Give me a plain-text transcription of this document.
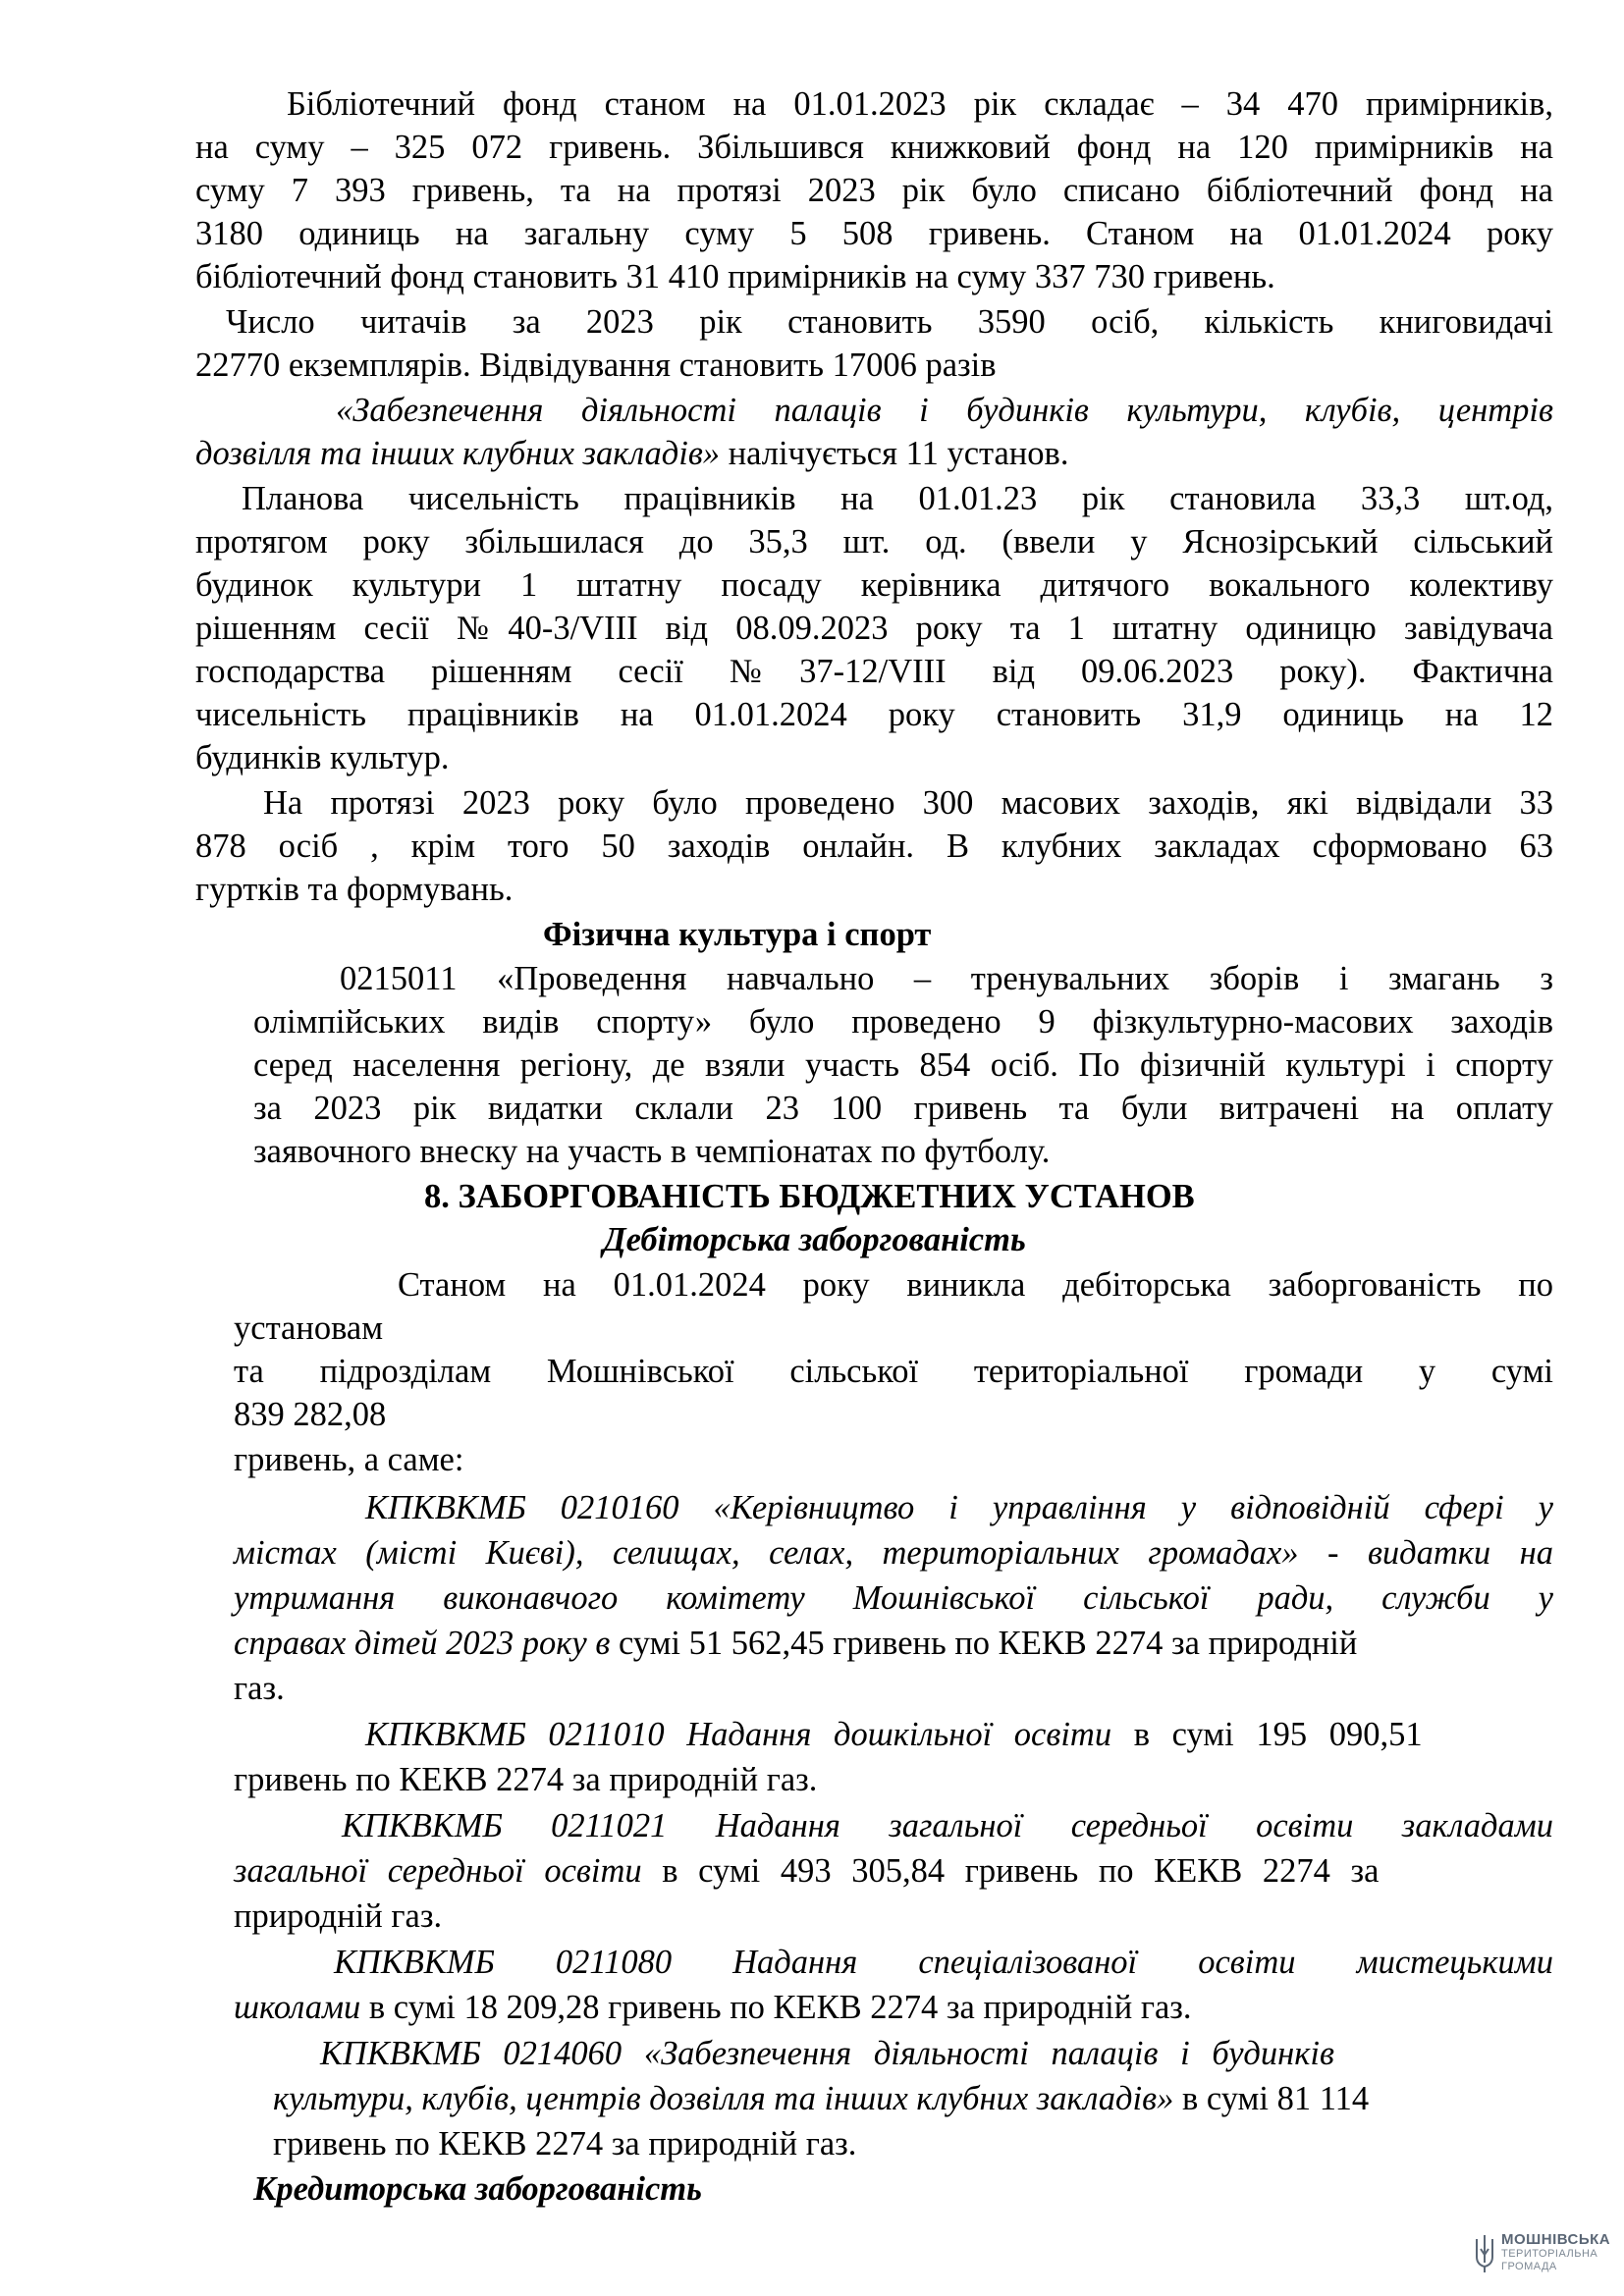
Бібліотечний фонд станом на 01.01.2023 рік складає – 34 470 примірників,
на суму – 325 072 гривень. Збільшився книжковий фонд на 120 примірників на
суму 7 393 гривень, та на протязі 2023 рік було списано бібліотечний фонд на
3180 одиниць на загальну суму 5 508 гривень. Станом на 01.01.2024 року
бібліотечний фонд становить 31 410 примірників на суму 337 730 гривень.
Число читачів за 2023 рік становить 3590 осіб, кількість книговидачі
22770 екземплярів. Відвідування становить 17006 разів
«Забезпечення діяльності палаців і будинків культури, клубів, центрів
дозвілля та інших клубних закладів» налічується 11 установ.
Планова чисельність працівників на 01.01.23 рік становила 33,3 шт.од,
протягом року збільшилася до 35,3 шт. од. (ввели у Яснозірський сільський
будинок культури 1 штатну посаду керівника дитячого вокального колективу
рішенням сесії №40-3/VIII від 08.09.2023 року та 1 штатну одиницю завідувача
господарства рішенням сесії №37-12/VIII від 09.06.2023 року). Фактична
чисельність працівників на 01.01.2024 року становить 31,9 одиниць на 12
будинків культур.
На протязі 2023 року було проведено 300 масових заходів, які відвідали 33
878 осіб , крім того 50 заходів онлайн. В клубних закладах сформовано 63
гуртків та формувань.
Фізична культура і спорт
0215011 «Проведення навчально – тренувальних зборів і змагань з
олімпійських видів спорту» було проведено 9 фізкультурно-масових заходів
серед населення регіону, де взяли участь 854 осіб. По фізичній культурі і спорту
за 2023 рік видатки склали 23 100 гривень та були витрачені на оплату
заявочного внеску на участь в чемпіонатах по футболу.
8. ЗАБОРГОВАНІСТЬ БЮДЖЕТНИХ УСТАНОВ
Дебіторська заборгованість
Станом на 01.01.2024 року виникла дебіторська заборгованість по
установам
та підрозділам Мошнівської сільської територіальної громади у сумі
839 282,08
гривень, а саме:
КПКВКМБ 0210160 «Керівництво і управління у відповідній сфері у
містах (місті Києві), селищах, селах, територіальних громадах» - видатки на
утримання виконавчого комітету Мошнівської сільської ради, служби у
справах дітей 2023 року в сумі 51 562,45 гривень по КЕКВ 2274 за природній
газ.
КПКВКМБ 0211010 Надання дошкільної освіти в сумі 195 090,51
гривень по КЕКВ 2274 за природній газ.
КПКВКМБ 0211021 Надання загальної середньої освіти закладами
загальної середньої освіти в сумі 493 305,84 гривень по КЕКВ 2274 за
природній газ.
КПКВКМБ 0211080 Надання спеціалізованої освіти мистецькими
школами в сумі 18 209,28 гривень по КЕКВ 2274 за природній газ.
КПКВКМБ 0214060 «Забезпечення діяльності палаців і будинків
культури, клубів, центрів дозвілля та інших клубних закладів» в сумі 81 114
гривень по КЕКВ 2274 за природній газ.
Кредиторська заборгованість
МОШНІВСЬКА
ТЕРИТОРІАЛЬНА
ГРОМАДА
